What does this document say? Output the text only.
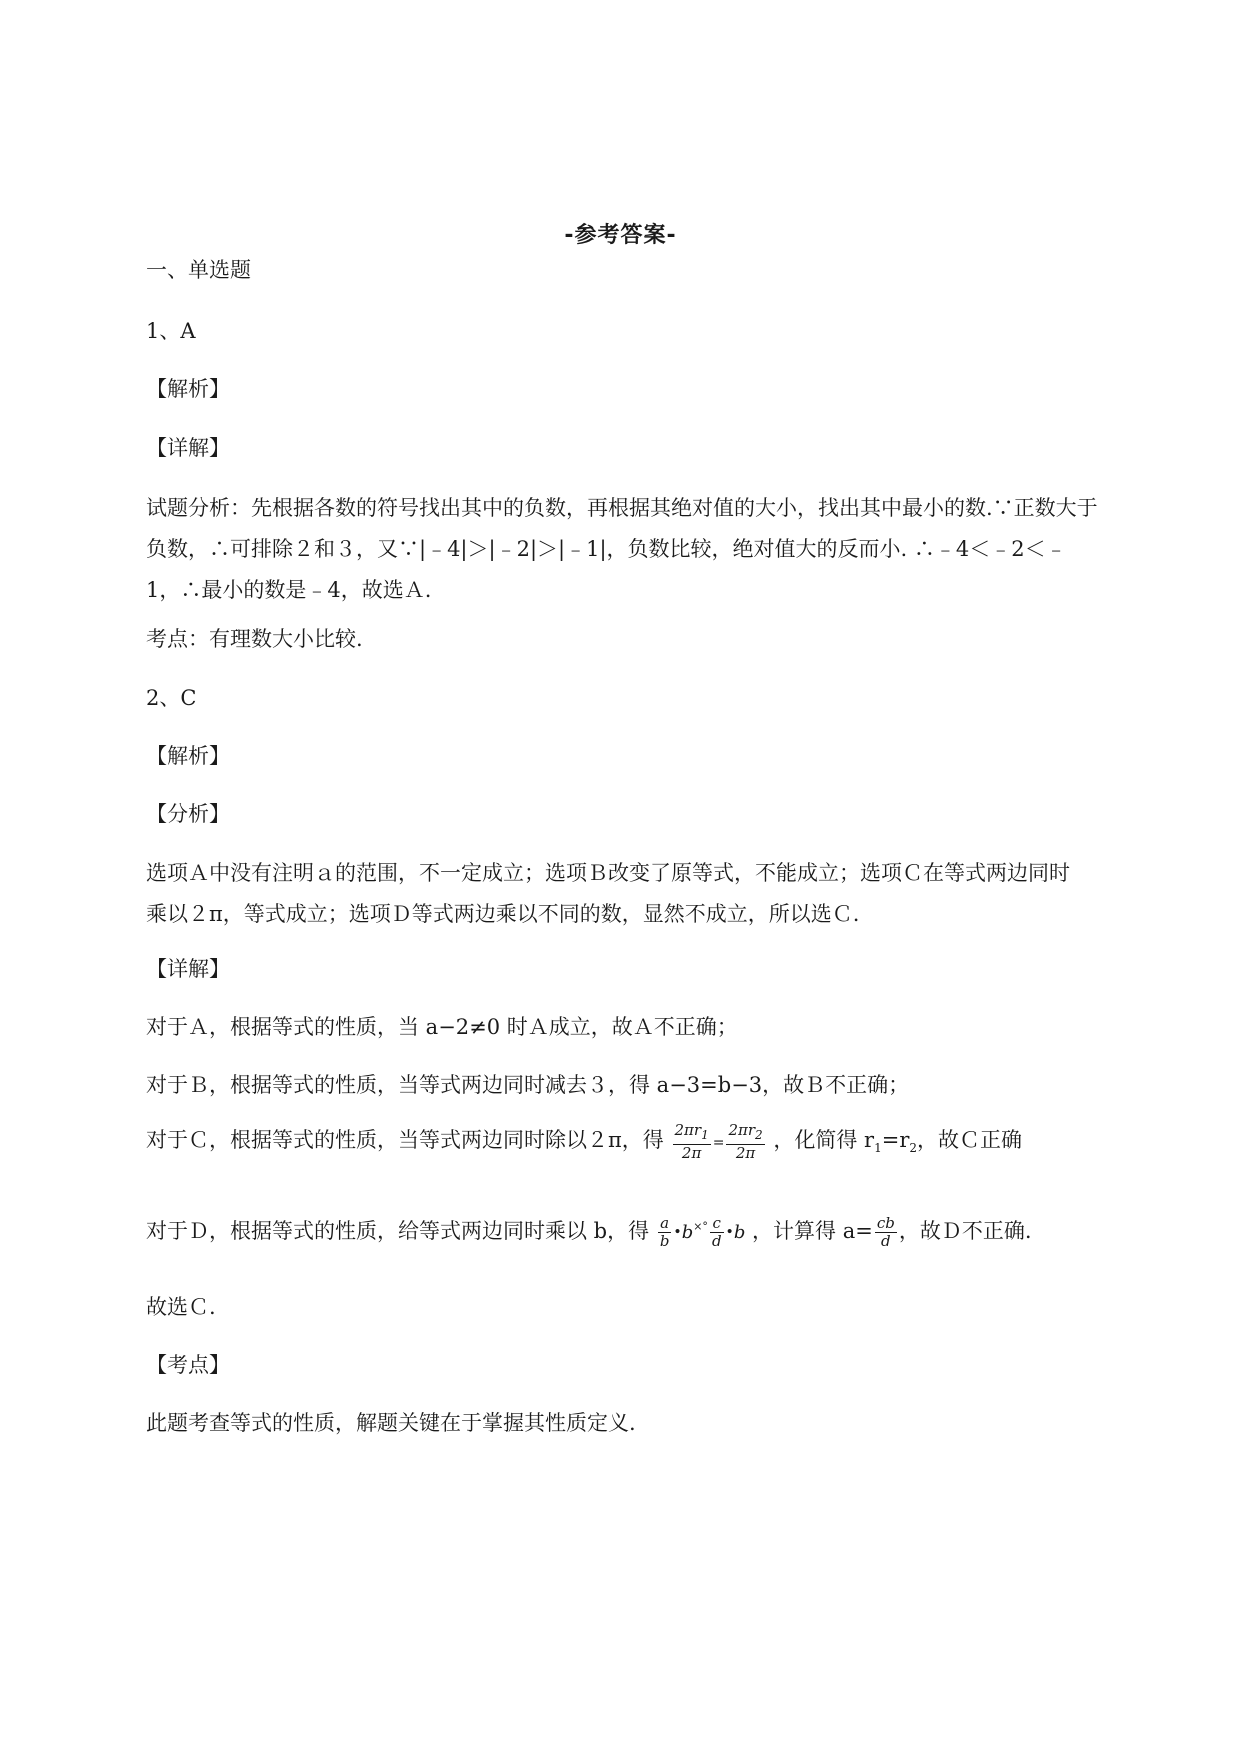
-参考答案-
一、单选题
1、A
【解析】
【详解】
试题分析：先根据各数的符号找出其中的负数，再根据其绝对值的大小，找出其中最小的数.∵正数大于
负数，∴可排除２和３，又∵|﹣4|＞|﹣2|＞|﹣1|，负数比较，绝对值大的反而小. ∴﹣4＜﹣2＜﹣
1，∴最小的数是﹣4，故选Ａ.
考点：有理数大小比较.
2、C
【解析】
【分析】
选项Ａ中没有注明ａ的范围，不一定成立；选项Ｂ改变了原等式，不能成立；选项Ｃ在等式两边同时
乘以２π，等式成立；选项Ｄ等式两边乘以不同的数，显然不成立，所以选Ｃ.
【详解】
对于Ａ，根据等式的性质，当 a−2≠0 时Ａ成立，故Ａ不正确；
对于Ｂ，根据等式的性质，当等式两边同时减去３，得 a−3=b−3，故Ｂ不正确；
对于Ｃ，根据等式的性质，当等式两边同时除以２π，得 $\frac{2\pi r_1}{2\pi} = \frac{2\pi r_2}{2\pi}$ ，化简得 $r_1=r_2$，故Ｃ正确
对于Ｄ，根据等式的性质，给等式两边同时乘以 b，得 $\frac{a}{b}$ •b×° $\frac{c}{d}$ •b ，计算得 $a= \frac{cb}{d}$ ，故Ｄ不正确.
故选Ｃ.
【考点】
此题考查等式的性质，解题关键在于掌握其性质定义.
